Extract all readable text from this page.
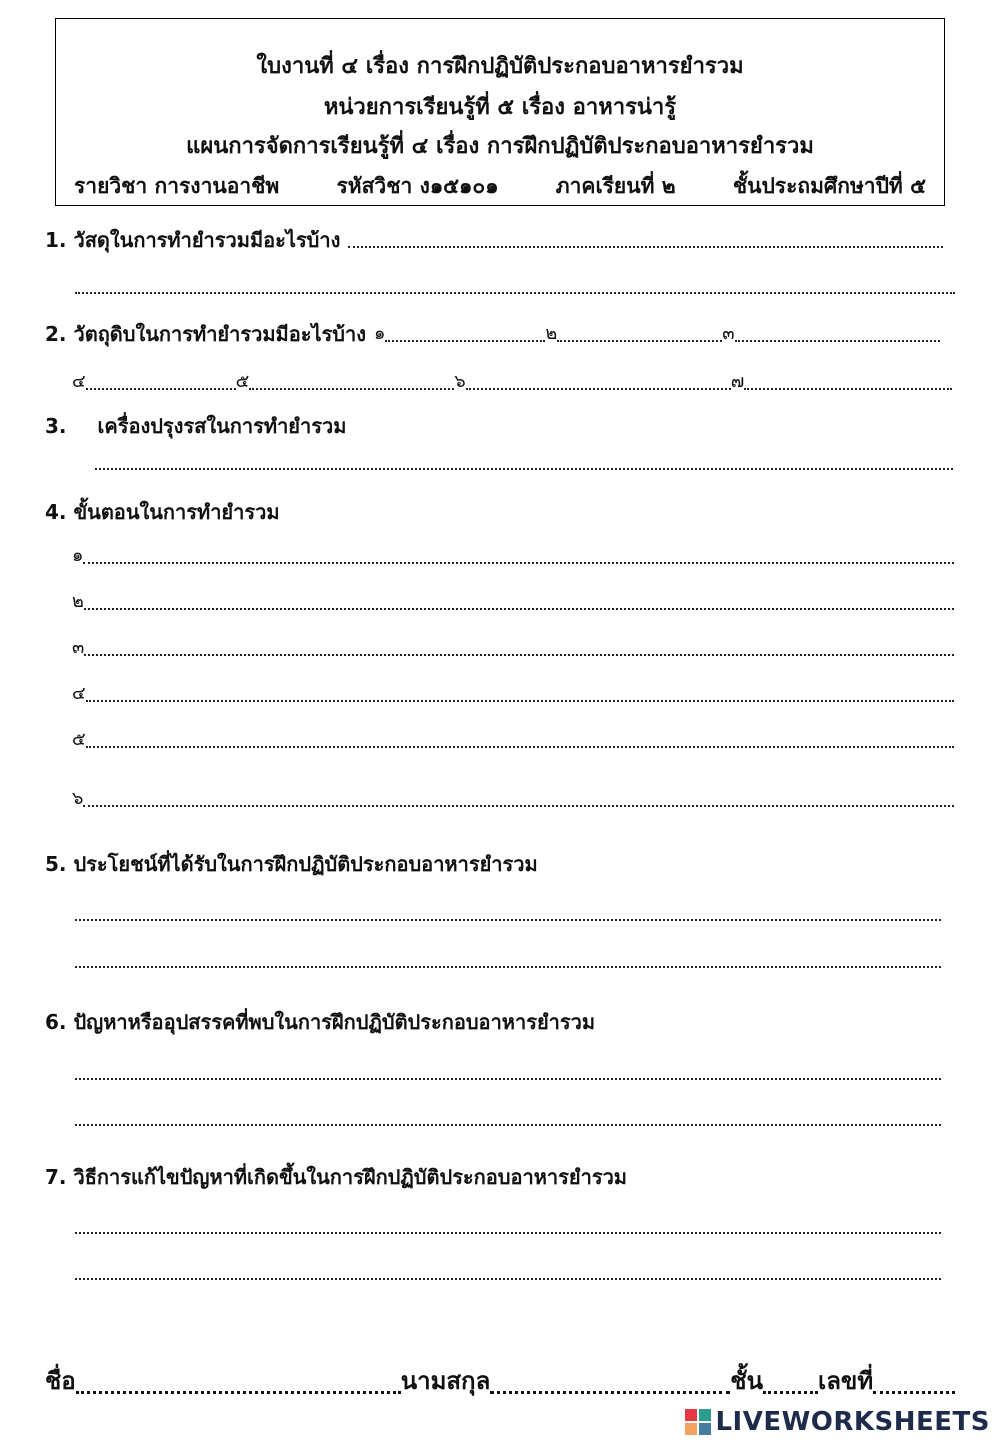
ใบงานที่ ๔ เรื่อง การฝึกปฏิบัติประกอบอาหารยำรวม
หน่วยการเรียนรู้ที่ ๕ เรื่อง อาหารน่ารู้
แผนการจัดการเรียนรู้ที่ ๔ เรื่อง การฝึกปฏิบัติประกอบอาหารยำรวม
รายวิชา การงานอาชีพ	รหัสวิชา ง๑๕๑๐๑	ภาคเรียนที่ ๒	ชั้นประถมศึกษาปีที่ ๕
1. วัสดุในการทำยำรวมมีอะไรบ้าง
2. วัตถุดิบในการทำยำรวมมีอะไรบ้าง ๑	๒	๓
๔	๕	๖	๗
3. เครื่องปรุงรสในการทำยำรวม
4. ขั้นตอนในการทำยำรวม
๑
๒
๓
๔
๕
๖
5. ประโยชน์ที่ได้รับในการฝึกปฏิบัติประกอบอาหารยำรวม
6. ปัญหาหรืออุปสรรคที่พบในการฝึกปฏิบัติประกอบอาหารยำรวม
7. วิธีการแก้ไขปัญหาที่เกิดขึ้นในการฝึกปฏิบัติประกอบอาหารยำรวม
ชื่อ	นามสกุล	ชั้น เลขที่
LIVEWORKSHEETS
